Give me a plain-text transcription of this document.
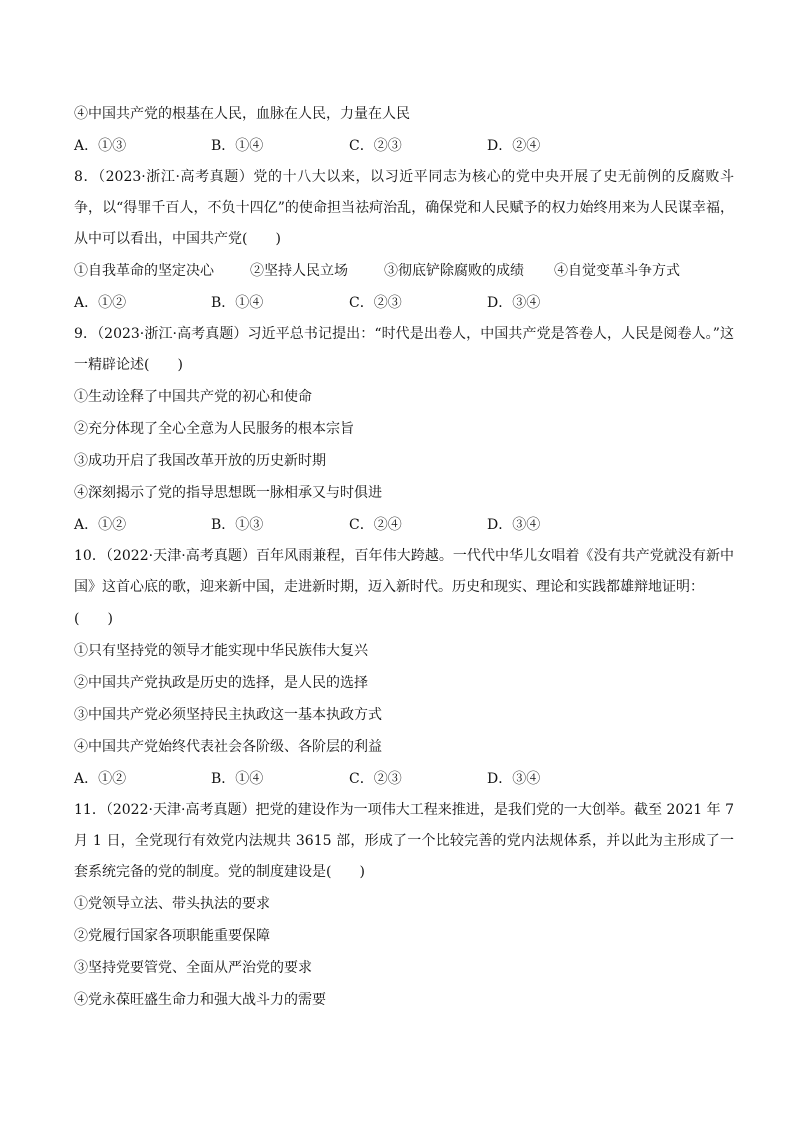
④中国共产党的根基在人民，血脉在人民，力量在人民
A．①③	B．①④	C．②③	D．②④

8．（2023·浙江·高考真题）党的十八大以来，以习近平同志为核心的党中央开展了史无前例的反腐败斗争，以“得罪千百人，不负十四亿”的使命担当祛疴治乱，确保党和人民赋予的权力始终用来为人民谋幸福，从中可以看出，中国共产党(　　)

①自我革命的坚定决心	②坚持人民立场	③彻底铲除腐败的成绩 ④自觉变革斗争方式
A．①②	B．①④	C．②③	D．③④

9．（2023·浙江·高考真题）习近平总书记提出：“时代是出卷人，中国共产党是答卷人，人民是阅卷人。”这一精辟论述(　　)

①生动诠释了中国共产党的初心和使命
②充分体现了全心全意为人民服务的根本宗旨
③成功开启了我国改革开放的历史新时期
④深刻揭示了党的指导思想既一脉相承又与时俱进
A．①②	B．①③	C．②④	D．③④

10．（2022·天津·高考真题）百年风雨兼程，百年伟大跨越。一代代中华儿女唱着《没有共产党就没有新中国》这首心底的歌，迎来新中国，走进新时期，迈入新时代。历史和现实、理论和实践都雄辩地证明：

(　　)
①只有坚持党的领导才能实现中华民族伟大复兴
②中国共产党执政是历史的选择，是人民的选择
③中国共产党必须坚持民主执政这一基本执政方式
④中国共产党始终代表社会各阶级、各阶层的利益
A．①②	B．①④	C．②③	D．③④

11．（2022·天津·高考真题）把党的建设作为一项伟大工程来推进，是我们党的一大创举。截至 2021 年 7 月 1 日，全党现行有效党内法规共 3615 部，形成了一个比较完善的党内法规体系，并以此为主形成了一套系统完备的党的制度。党的制度建设是(　　)

①党领导立法、带头执法的要求
②党履行国家各项职能重要保障
③坚持党要管党、全面从严治党的要求
④党永葆旺盛生命力和强大战斗力的需要
